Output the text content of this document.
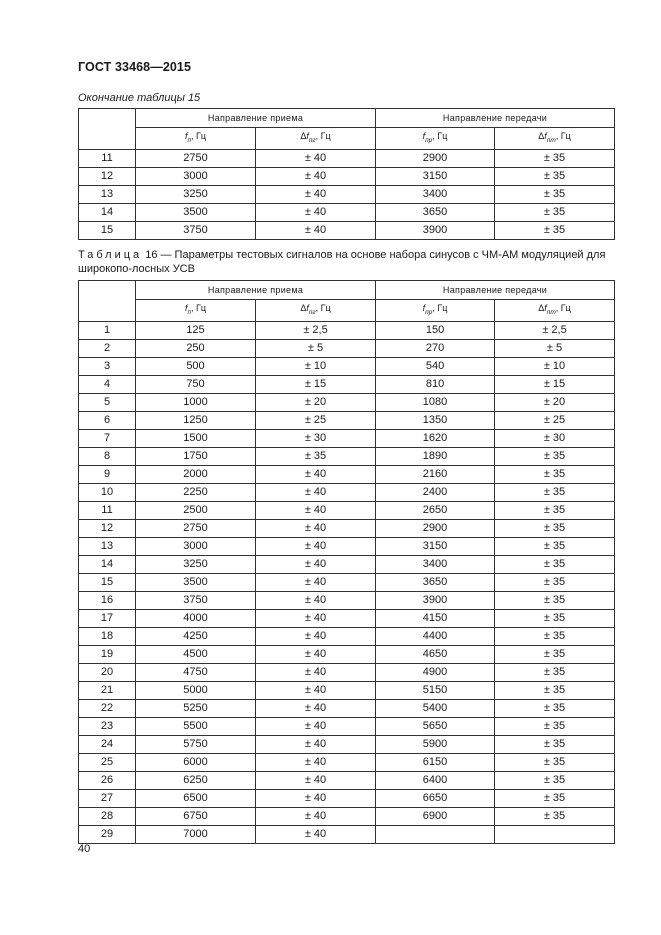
ГОСТ 33468—2015
Окончание таблицы 15
	Направление приема		Направление передачи	
	$f_п$, Гц	$\Delta f_{пг}$, Гц	$f_{пр}$, Гц	$\Delta f_{пт}$, Гц
11	2750	± 40	2900	± 35
12	3000	± 40	3150	± 35
13	3250	± 40	3400	± 35
14	3500	± 40	3650	± 35
15	3750	± 40	3900	± 35
Таблица 16 — Параметры тестовых сигналов на основе набора синусов с ЧМ-АМ модуляцией для широкопо-лосных УСВ
	Направление приема		Направление передачи	
	$f_п$, Гц	$\Delta f_{пг}$, Гц	$f_{пр}$, Гц	$\Delta f_{пт}$, Гц
1	125	± 2,5	150	± 2,5
2	250	± 5	270	± 5
3	500	± 10	540	± 10
4	750	± 15	810	± 15
5	1000	± 20	1080	± 20
6	1250	± 25	1350	± 25
7	1500	± 30	1620	± 30
8	1750	± 35	1890	± 35
9	2000	± 40	2160	± 35
10	2250	± 40	2400	± 35
11	2500	± 40	2650	± 35
12	2750	± 40	2900	± 35
13	3000	± 40	3150	± 35
14	3250	± 40	3400	± 35
15	3500	± 40	3650	± 35
16	3750	± 40	3900	± 35
17	4000	± 40	4150	± 35
18	4250	± 40	4400	± 35
19	4500	± 40	4650	± 35
20	4750	± 40	4900	± 35
21	5000	± 40	5150	± 35
22	5250	± 40	5400	± 35
23	5500	± 40	5650	± 35
24	5750	± 40	5900	± 35
25	6000	± 40	6150	± 35
26	6250	± 40	6400	± 35
27	6500	± 40	6650	± 35
28	6750	± 40	6900	± 35
29	7000	± 40		
40
